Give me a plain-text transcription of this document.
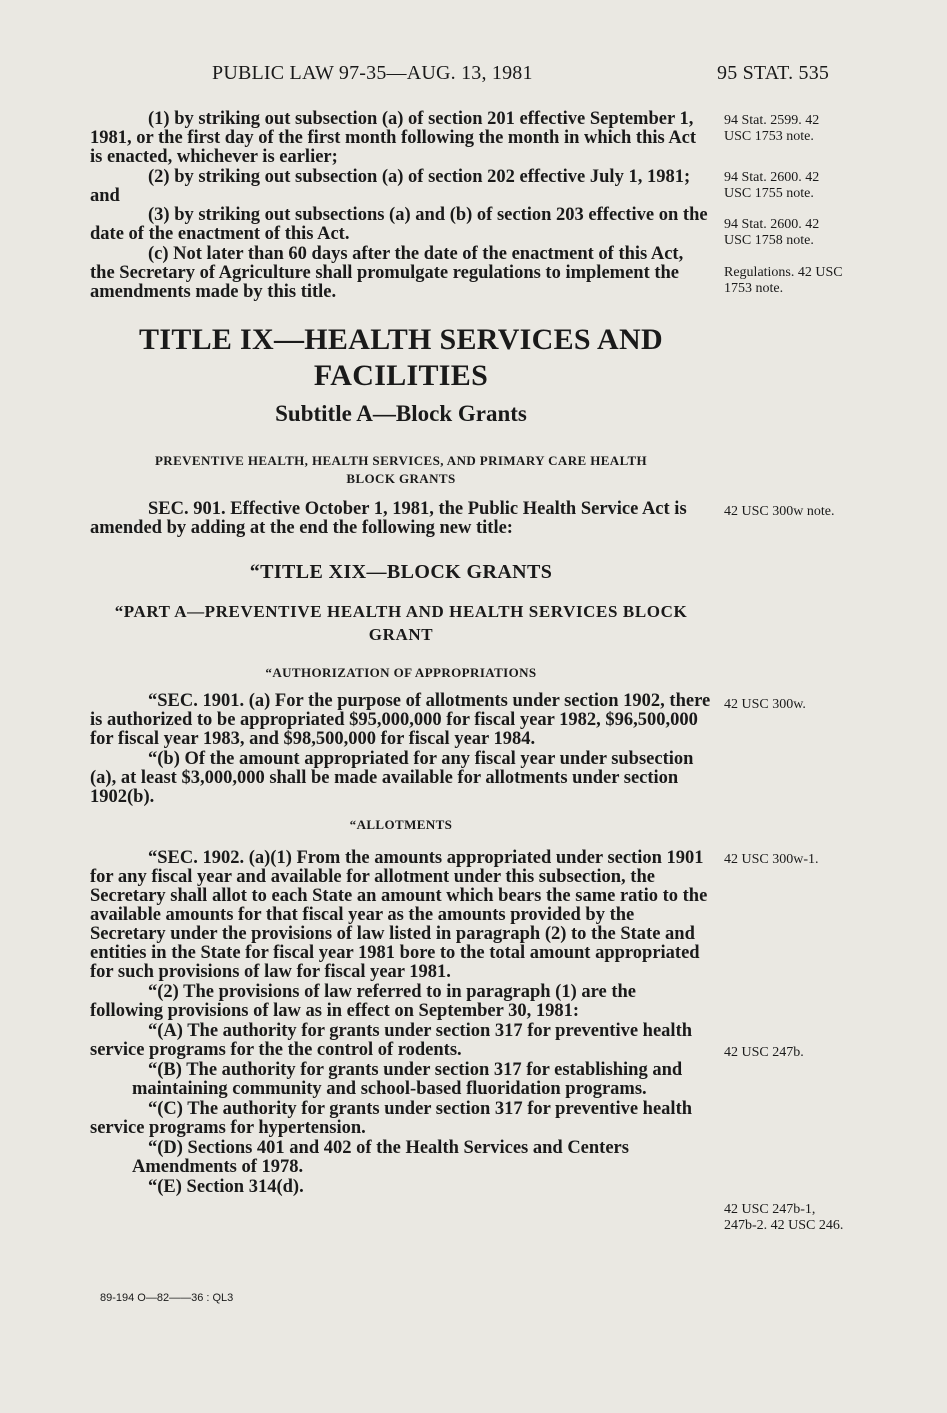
PUBLIC LAW 97-35—AUG. 13, 1981	95 STAT. 535

(1) by striking out subsection (a) of section 201 effective September 1, 1981, or the first day of the first month following the month in which this Act is enacted, whichever is earlier;

(2) by striking out subsection (a) of section 202 effective July 1, 1981; and

(3) by striking out subsections (a) and (b) of section 203 effective on the date of the enactment of this Act.

(c) Not later than 60 days after the date of the enactment of this Act, the Secretary of Agriculture shall promulgate regulations to implement the amendments made by this title.

94 Stat. 2599. 42 USC 1753 note.
94 Stat. 2600. 42 USC 1755 note.
94 Stat. 2600. 42 USC 1758 note.
Regulations. 42 USC 1753 note.
TITLE IX—HEALTH SERVICES AND
FACILITIES
Subtitle A—Block Grants
PREVENTIVE HEALTH, HEALTH SERVICES, AND PRIMARY CARE HEALTH
BLOCK GRANTS

SEC. 901. Effective October 1, 1981, the Public Health Service Act is amended by adding at the end the following new title:

42 USC 300w note.
“TITLE XIX—BLOCK GRANTS
“PART A—PREVENTIVE HEALTH AND HEALTH SERVICES BLOCK
GRANT
“AUTHORIZATION OF APPROPRIATIONS

“SEC. 1901. (a) For the purpose of allotments under section 1902, there is authorized to be appropriated $95,000,000 for fiscal year 1982, $96,500,000 for fiscal year 1983, and $98,500,000 for fiscal year 1984.

“(b) Of the amount appropriated for any fiscal year under subsection (a), at least $3,000,000 shall be made available for allotments under section 1902(b).

42 USC 300w.
“ALLOTMENTS

“SEC. 1902. (a)(1) From the amounts appropriated under section 1901 for any fiscal year and available for allotment under this subsection, the Secretary shall allot to each State an amount which bears the same ratio to the available amounts for that fiscal year as the amounts provided by the Secretary under the provisions of law listed in paragraph (2) to the State and entities in the State for fiscal year 1981 bore to the total amount appropriated for such provisions of law for fiscal year 1981.

“(2) The provisions of law referred to in paragraph (1) are the following provisions of law as in effect on September 30, 1981:

“(A) The authority for grants under section 317 for preventive health service programs for the the control of rodents.

“(B) The authority for grants under section 317 for establishing and maintaining community and school-based fluoridation programs.

“(C) The authority for grants under section 317 for preventive health service programs for hypertension.

“(D) Sections 401 and 402 of the Health Services and Centers Amendments of 1978.

“(E) Section 314(d).

42 USC 300w-1.
42 USC 247b.
42 USC 247b-1, 247b-2. 42 USC 246.
89-194 O—82——36 : QL3
